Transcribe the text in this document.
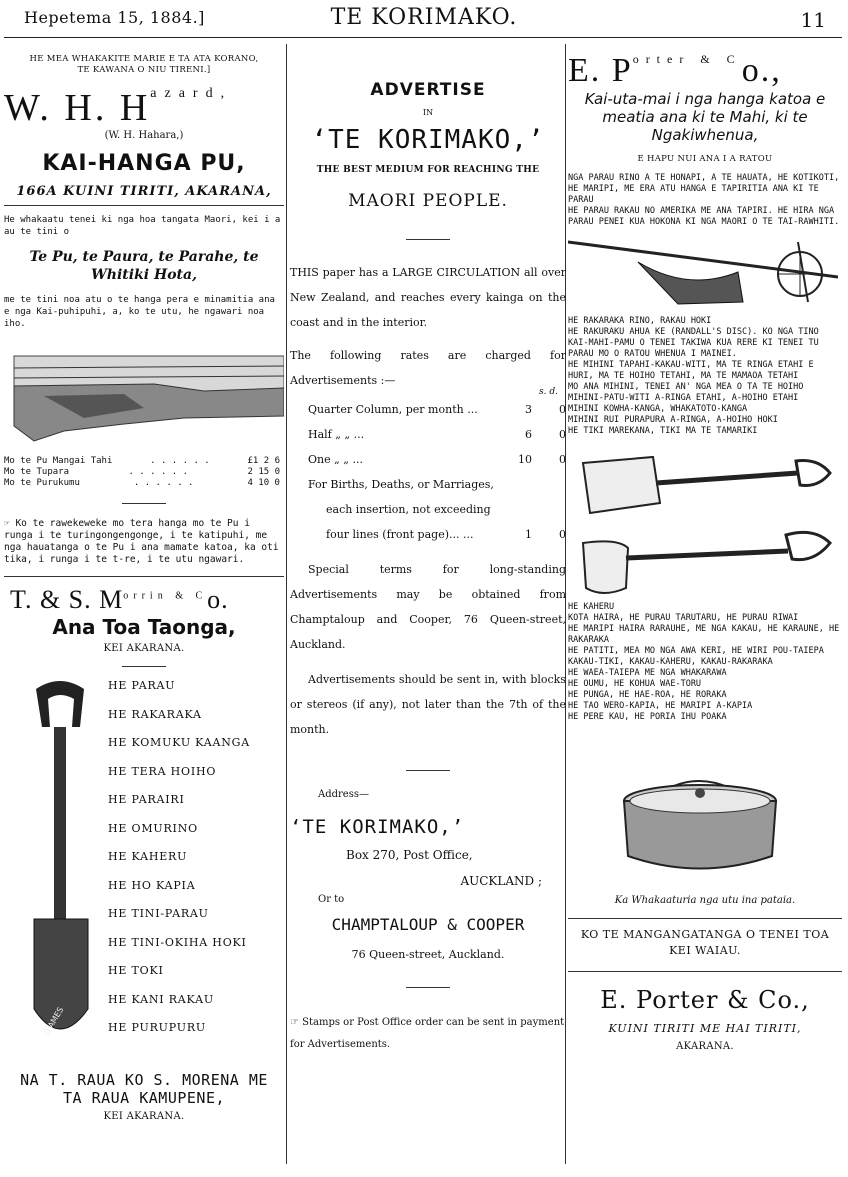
Hepetema 15, 1884.]	TE KORIMAKO.	11
HE MEA WHAKAKITE MARIE E TA ATA KORANO,
TE KAWANA O NIU TIRENI.]
W. H. $H^{azard,}$
(W. H. Hahara,)
KAI-HANGA PU,
166A KUINI TIRITI, AKARANA,
He whakaatu tenei ki nga hoa tangata Maori, kei i a au te tini o
Te Pu, te Paura, te Parahe, te Whitiki Hota,
me te tini noa atu o te hanga pera e minamitia ana e nga Kai-puhipuhi, a, ko te utu, he ngawari noa iho.
Mo te Pu Mangai Tahi	. . . . . .	£1 2 6
Mo te Tupara	. . . . . .	2 15 0
Mo te Purukumu	. . . . . .	4 10 0
☞ Ko te rawekeweke mo tera hanga mo te Pu i runga i te turingongengonge, i te katipuhi, me nga hauatanga o te Pu i ana mamate katoa, ka oti tika, i runga i te t-re, i te utu ngawari.
T. & S. $M^{orrin \& C}o$.
Ana Toa Taonga,
KEI AKARANA.
O.AMES
HE PARAU
HE RAKARAKA
HE KOMUKU KAANGA
HE TERA HOIHO
HE PARAIRI
HE OMURINO
HE KAHERU
HE HO KAPIA
HE TINI-PARAU
HE TINI-OKIHA HOKI
HE TOKI
HE KANI RAKAU
HE PURUPURU
NA T. RAUA KO S. MORENA ME
TA RAUA KAMUPENE,
KEI AKARANA.
ADVERTISE
IN
‘TE KORIMAKO,’
THE BEST MEDIUM FOR REACHING THE
MAORI PEOPLE.
THIS paper has a LARGE CIRCULATION all over New Zealand, and reaches every kainga on the coast and in the interior.
The following rates are charged for Advertisements :—
s. d.
Quarter Column, per month ...	3	0
Half „ „ ...	6	0
One „ „ ...	10	0
For Births, Deaths, or Marriages,
each insertion, not exceeding
four lines (front page)... ...	1	0
Special terms for long-standing Advertisements may be obtained from Champtaloup and Cooper, 76 Queen-street, Auckland.
Advertisements should be sent in, with blocks or stereos (if any), not later than the 7th of the month.
Address—
‘TE KORIMAKO,’
Box 270, Post Office,
AUCKLAND ;
Or to
CHAMPTALOUP & COOPER
76 Queen-street, Auckland.
☞ Stamps or Post Office order can be sent in payment for Advertisements.
E. $P^{orter \& C}o$.,
Kai-uta-mai i nga hanga katoa e meatia ana ki te Mahi, ki te Ngakiwhenua,
E HAPU NUI ANA I A RATOU
NGA PARAU RINO A TE HONAPI, A TE HAUATA, HE KOTIKOTI, HE MARIPI, ME ERA ATU HANGA E TAPIRITIA ANA KI TE PARAU
HE PARAU RAKAU NO AMERIKA ME ANA TAPIRI. HE HIRA NGA PARAU PENEI KUA HOKONA KI NGA MAORI O TE TAI-RAWHITI.
HE RAKARAKA RINO, RAKAU HOKI
HE RAKURAKU AHUA KE (RANDALL'S DISC). KO NGA TINO KAI-MAHI-PAMU O TENEI TAKIWA KUA RERE KI TENEI TU PARAU MO O RATOU WHENUA I MAINEI.
HE MIHINI TAPAHI-KAKAU-WITI, MA TE RINGA ETAHI E HURI, MA TE HOIHO TETAHI, MA TE MAMAOA TETAHI
MO ANA MIHINI, TENEI AN' NGA MEA O TA TE HOIHO
MIHINI-PATU-WITI A-RINGA ETAHI, A-HOIHO ETAHI
MIHINI KOWHA-KANGA, WHAKATOTO-KANGA
MIHINI RUI PURAPURA A-RINGA, A-HOIHO HOKI
HE TIKI MAREKANA, TIKI MA TE TAMARIKI
HE KAHERU
KOTA HAIRA, HE PURAU TARUTARU, HE PURAU RIWAI
HE MARIPI HAIRA RARAUHE, ME NGA KAKAU, HE KARAUNE, HE RAKARAKA
HE PATITI, MEA MO NGA AWA KERI, HE WIRI POU-TAIEPA
KAKAU-TIKI, KAKAU-KAHERU, KAKAU-RAKARAKA
HE WAEA-TAIEPA ME NGA WHAKARAWA
HE OUMU, HE KOHUA WAE-TORU
HE PUNGA, HE HAE-ROA, HE RORAKA
HE TAO WERO-KAPIA, HE MARIPI A-KAPIA
HE PERE KAU, HE PORIA IHU POAKA
Ka Whakaaturia nga utu ina pataia.
KO TE MANGANGATANGA O TENEI TOA KEI WAIAU.
E. Porter & Co.,
KUINI TIRITI ME HAI TIRITI,
AKARANA.
